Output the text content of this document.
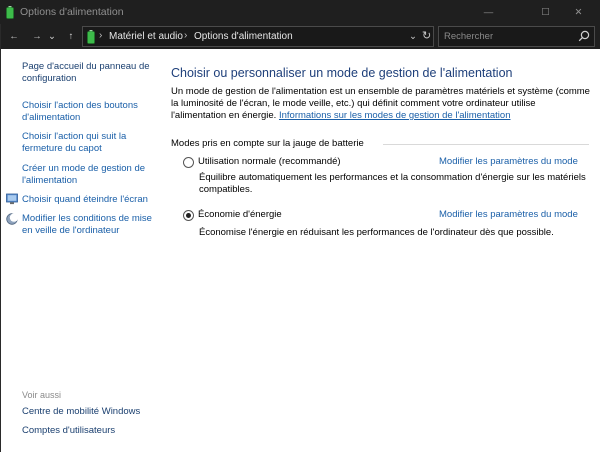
Options d'alimentation	—	☐	✕
← → ⌄ ↑	› Matériel et audio › Options d'alimentation	⌄ ↻
Rechercher
Page d'accueil du panneau de configuration
Choisir l'action des boutons d'alimentation
Choisir l'action qui suit la fermeture du capot
Créer un mode de gestion de l'alimentation
Choisir quand éteindre l'écran
Modifier les conditions de mise en veille de l'ordinateur
Voir aussi
Centre de mobilité Windows
Comptes d'utilisateurs
Choisir ou personnaliser un mode de gestion de l'alimentation

Un mode de gestion de l'alimentation est un ensemble de paramètres matériels et système (comme la luminosité de l'écran, le mode veille, etc.) qui définit comment votre ordinateur utilise l'alimentation en énergie. Informations sur les modes de gestion de l'alimentation

Modes pris en compte sur la jauge de batterie
Utilisation normale (recommandé)	Modifier les paramètres du mode
Équilibre automatiquement les performances et la consommation d'énergie sur les matériels compatibles.
Économie d'énergie	Modifier les paramètres du mode
Économise l'énergie en réduisant les performances de l'ordinateur dès que possible.
